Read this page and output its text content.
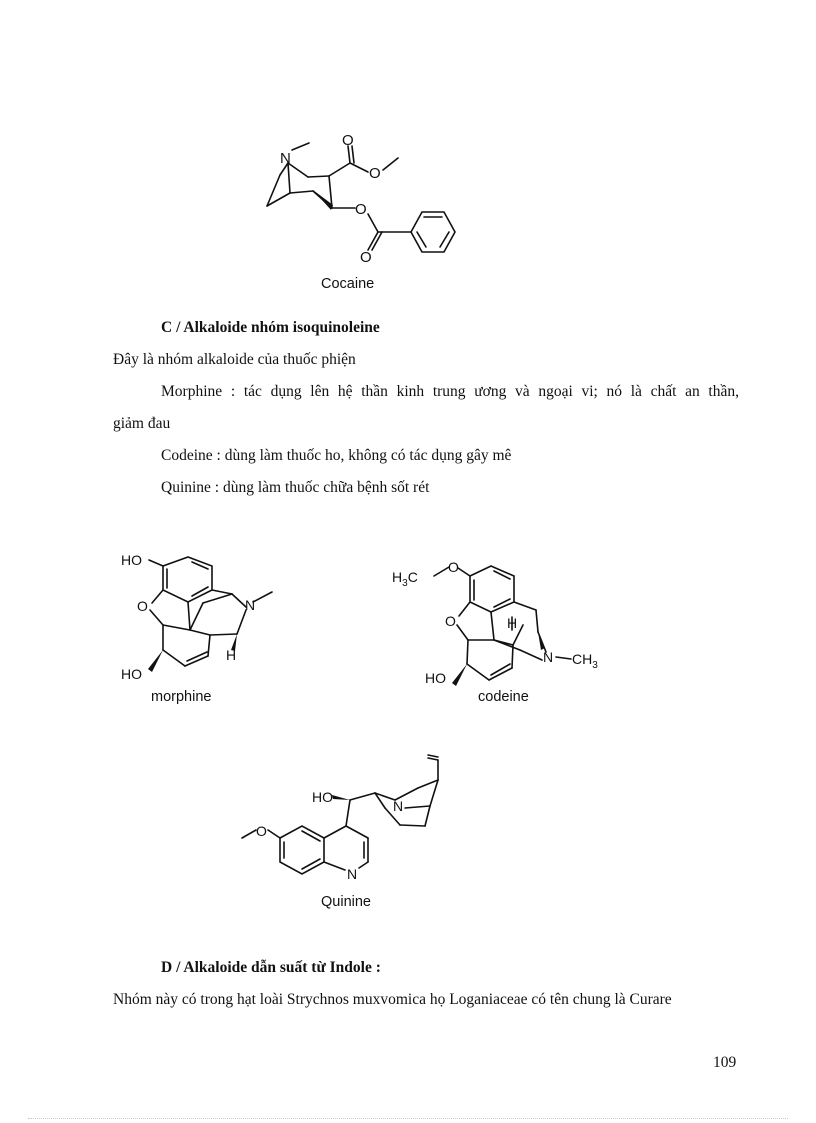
N
O
O
O
O
Cocaine
C / Alkaloide nhóm isoquinoleine
Đây là nhóm alkaloide của thuốc phiện
Morphine : tác dụng lên hệ thần kinh trung ương và ngoại vi; nó là chất an thần,
giảm đau
Codeine : dùng làm thuốc ho, không có tác dụng gây mê
Quinine : dùng làm thuốc chữa bệnh sốt rét
HO
O	N
H
HO
morphine
$H_3C$
O
O	H
N $CH_3$
HO
codeine
HO
N
N
O
Quinine
D / Alkaloide dẫn suất từ Indole :
Nhóm này có trong hạt loài Strychnos muxvomica họ Loganiaceae có tên chung là Curare
109
